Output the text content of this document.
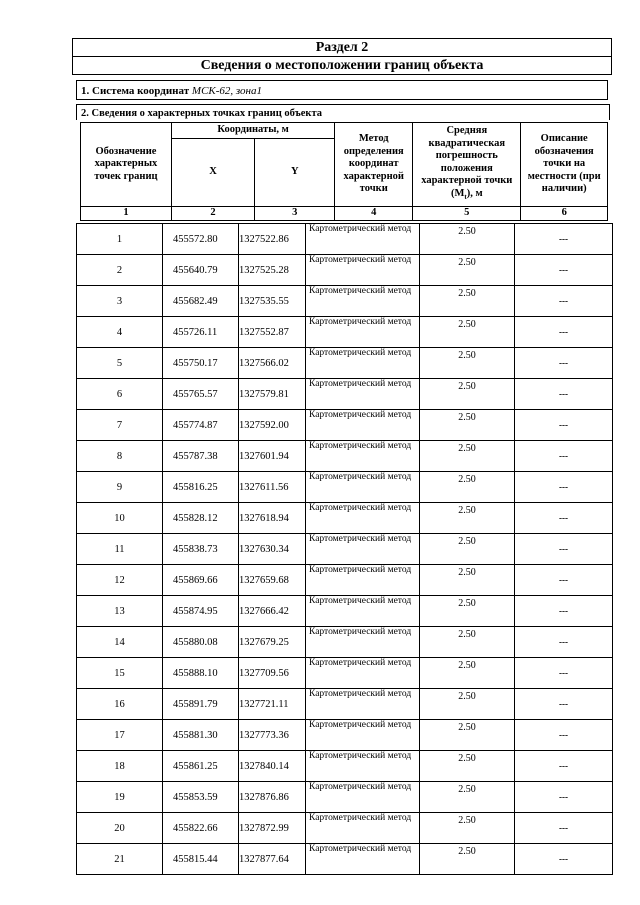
Раздел 2
Сведения о местоположении границ объекта
1. Система координат МСК-62, зона1
2. Сведения о характерных точках границ объекта
Обозначение характерных точек границ	Координаты, м		Метод определения координат характерной точки	Средняя квадратическая погрешность положения характерной точки $(M_t)$, м	Описание обозначения точки на местности (при наличии)
	X	Y			
1	2	3	4	5	6
1	455572.80	1327522.86	Картометрический метод	2.50	---
2	455640.79	1327525.28	Картометрический метод	2.50	---
3	455682.49	1327535.55	Картометрический метод	2.50	---
4	455726.11	1327552.87	Картометрический метод	2.50	---
5	455750.17	1327566.02	Картометрический метод	2.50	---
6	455765.57	1327579.81	Картометрический метод	2.50	---
7	455774.87	1327592.00	Картометрический метод	2.50	---
8	455787.38	1327601.94	Картометрический метод	2.50	---
9	455816.25	1327611.56	Картометрический метод	2.50	---
10	455828.12	1327618.94	Картометрический метод	2.50	---
11	455838.73	1327630.34	Картометрический метод	2.50	---
12	455869.66	1327659.68	Картометрический метод	2.50	---
13	455874.95	1327666.42	Картометрический метод	2.50	---
14	455880.08	1327679.25	Картометрический метод	2.50	---
15	455888.10	1327709.56	Картометрический метод	2.50	---
16	455891.79	1327721.11	Картометрический метод	2.50	---
17	455881.30	1327773.36	Картометрический метод	2.50	---
18	455861.25	1327840.14	Картометрический метод	2.50	---
19	455853.59	1327876.86	Картометрический метод	2.50	---
20	455822.66	1327872.99	Картометрический метод	2.50	---
21	455815.44	1327877.64	Картометрический метод	2.50	---
